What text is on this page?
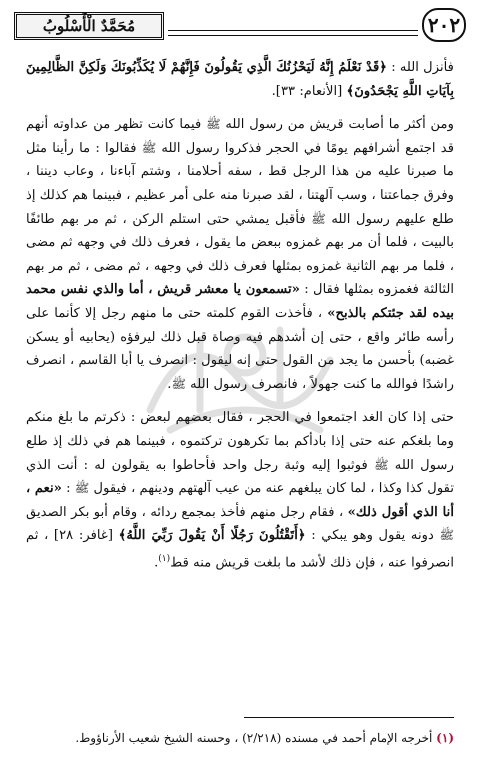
٢٠٢
مُحَمَّدٌ الْأَسْلُوبُ

فأنزل الله : ﴿قَدْ نَعْلَمُ إِنَّهُ لَيَحْزُنُكَ الَّذِي يَقُولُونَ فَإِنَّهُمْ لَا يُكَذِّبُونَكَ وَلَكِنَّ الظَّالِمِينَ بِآيَاتِ اللَّهِ يَجْحَدُونَ﴾ [الأنعام: ٣٣].

ومن أكثر ما أصابت قريش من رسول الله ﷺ فيما كانت تظهر من عداوته أنهم قد اجتمع أشرافهم يومًا في الحجر فذكروا رسول الله ﷺ فقالوا : ما رأينا مثل ما صبرنا عليه من هذا الرجل قط ، سفه أحلامنا ، وشتم آباءنا ، وعاب ديننا ، وفرق جماعتنا ، وسب آلهتنا ، لقد صبرنا منه على أمر عظيم ، فبينما هم كذلك إذ طلع عليهم رسول الله ﷺ فأقبل يمشي حتى استلم الركن ، ثم مر بهم طائفًا بالبيت ، فلما أن مر بهم غمزوه ببعض ما يقول ، فعرف ذلك في وجهه ثم مضى ، فلما مر بهم الثانية غمزوه بمثلها فعرف ذلك في وجهه ، ثم مضى ، ثم مر بهم الثالثة فغمزوه بمثلها فقال : «تسمعون يا معشر قريش ، أما والذي نفس محمد بيده لقد جئتكم بالذبح» ، فأخذت القوم كلمته حتى ما منهم رجل إلا كأنما على رأسه طائر واقع ، حتى إن أشدهم فيه وصاة قبل ذلك ليرفؤه (يحابيه أو يسكن غضبه) بأحسن ما يجد من القول حتى إنه ليقول : انصرف يا أبا القاسم ، انصرف راشدًا فوالله ما كنت جهولاً ، فانصرف رسول الله ﷺ.

حتى إذا كان الغد اجتمعوا في الحجر ، فقال بعضهم لبعض : ذكرتم ما بلغ منكم وما بلغكم عنه حتى إذا بادأكم بما تكرهون تركتموه ، فبينما هم في ذلك إذ طلع رسول الله ﷺ فوثبوا إليه وثبة رجل واحد فأحاطوا به يقولون له : أنت الذي تقول كذا وكذا ، لما كان يبلغهم عنه من عيب آلهتهم ودينهم ، فيقول ﷺ : «نعم ، أنا الذي أقول ذلك» ، فقام رجل منهم فأخذ بمجمع ردائه ، وقام أبو بكر الصديق ﷺ دونه يقول وهو يبكي : ﴿أَتَقْتُلُونَ رَجُلًا أَنْ يَقُولَ رَبِّيَ اللَّهُ﴾ [غافر: ٢٨] ، ثم انصرفوا عنه ، فإن ذلك لأشد ما بلغت قريش منه قط$^{(١)}$.

(١) أخرجه الإمام أحمد في مسنده (٢/٢١٨) ، وحسنه الشيخ شعيب الأرناؤوط.
